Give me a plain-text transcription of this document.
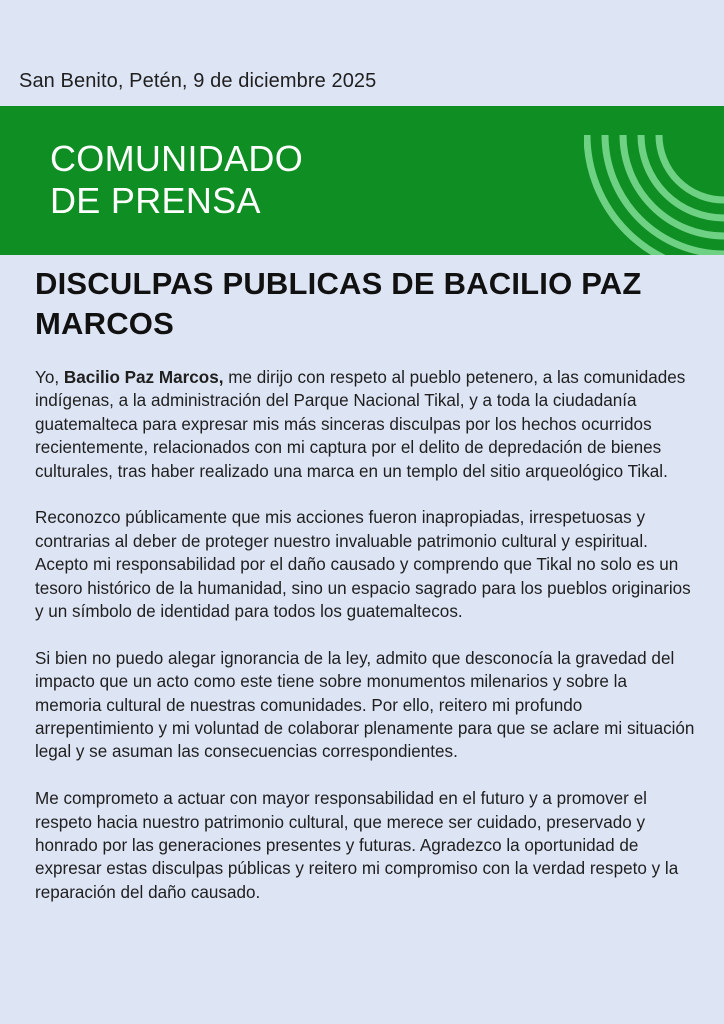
San Benito, Petén, 9 de diciembre 2025
COMUNIDADO
DE PRENSA
DISCULPAS PUBLICAS DE BACILIO PAZ MARCOS

Yo, Bacilio Paz Marcos, me dirijo con respeto al pueblo petenero, a las comunidades indígenas, a la administración del Parque Nacional Tikal, y a toda la ciudadanía guatemalteca para expresar mis más sinceras disculpas por los hechos ocurridos recientemente, relacionados con mi captura por el delito de depredación de bienes culturales, tras haber realizado una marca en un templo del sitio arqueológico Tikal.

Reconozco públicamente que mis acciones fueron inapropiadas, irrespetuosas y contrarias al deber de proteger nuestro invaluable patrimonio cultural y espiritual. Acepto mi responsabilidad por el daño causado y comprendo que Tikal no solo es un tesoro histórico de la humanidad, sino un espacio sagrado para los pueblos originarios y un símbolo de identidad para todos los guatemaltecos.

Si bien no puedo alegar ignorancia de la ley, admito que desconocía la gravedad del impacto que un acto como este tiene sobre monumentos milenarios y sobre la memoria cultural de nuestras comunidades. Por ello, reitero mi profundo arrepentimiento y mi voluntad de colaborar plenamente para que se aclare mi situación legal y se asuman las consecuencias correspondientes.

Me comprometo a actuar con mayor responsabilidad en el futuro y a promover el respeto hacia nuestro patrimonio cultural, que merece ser cuidado, preservado y honrado por las generaciones presentes y futuras. Agradezco la oportunidad de expresar estas disculpas públicas y reitero mi compromiso con la verdad respeto y la reparación del daño causado.
